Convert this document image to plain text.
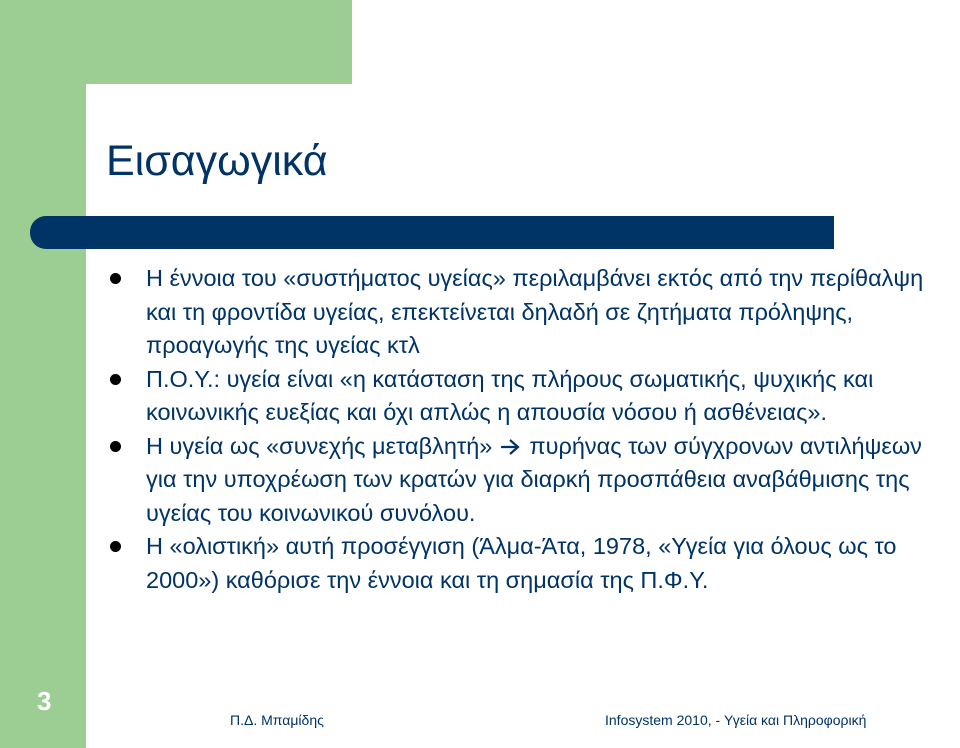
Εισαγωγικά
Η έννοια του «συστήματος υγείας» περιλαμβάνει εκτός από την περίθαλψη και τη φροντίδα υγείας, επεκτείνεται δηλαδή σε ζητήματα πρόληψης, προαγωγής της υγείας κτλ
Π.Ο.Υ.: υγεία είναι «η κατάσταση της πλήρους σωματικής, ψυχικής και κοινωνικής ευεξίας και όχι απλώς η απουσία νόσου ή ασθένειας».
Η υγεία ως «συνεχής μεταβλητή» πυρήνας των σύγχρονων αντιλήψεων για την υποχρέωση των κρατών για διαρκή προσπάθεια αναβάθμισης της υγείας του κοινωνικού συνόλου.
Η «ολιστική» αυτή προσέγγιση (Άλμα-Άτα, 1978, «Υγεία για όλους ως το 2000») καθόρισε την έννοια και τη σημασία της Π.Φ.Υ.
3
Π.Δ. Μπαμίδης	Infosystem 2010, - Υγεία και Πληροφορική
